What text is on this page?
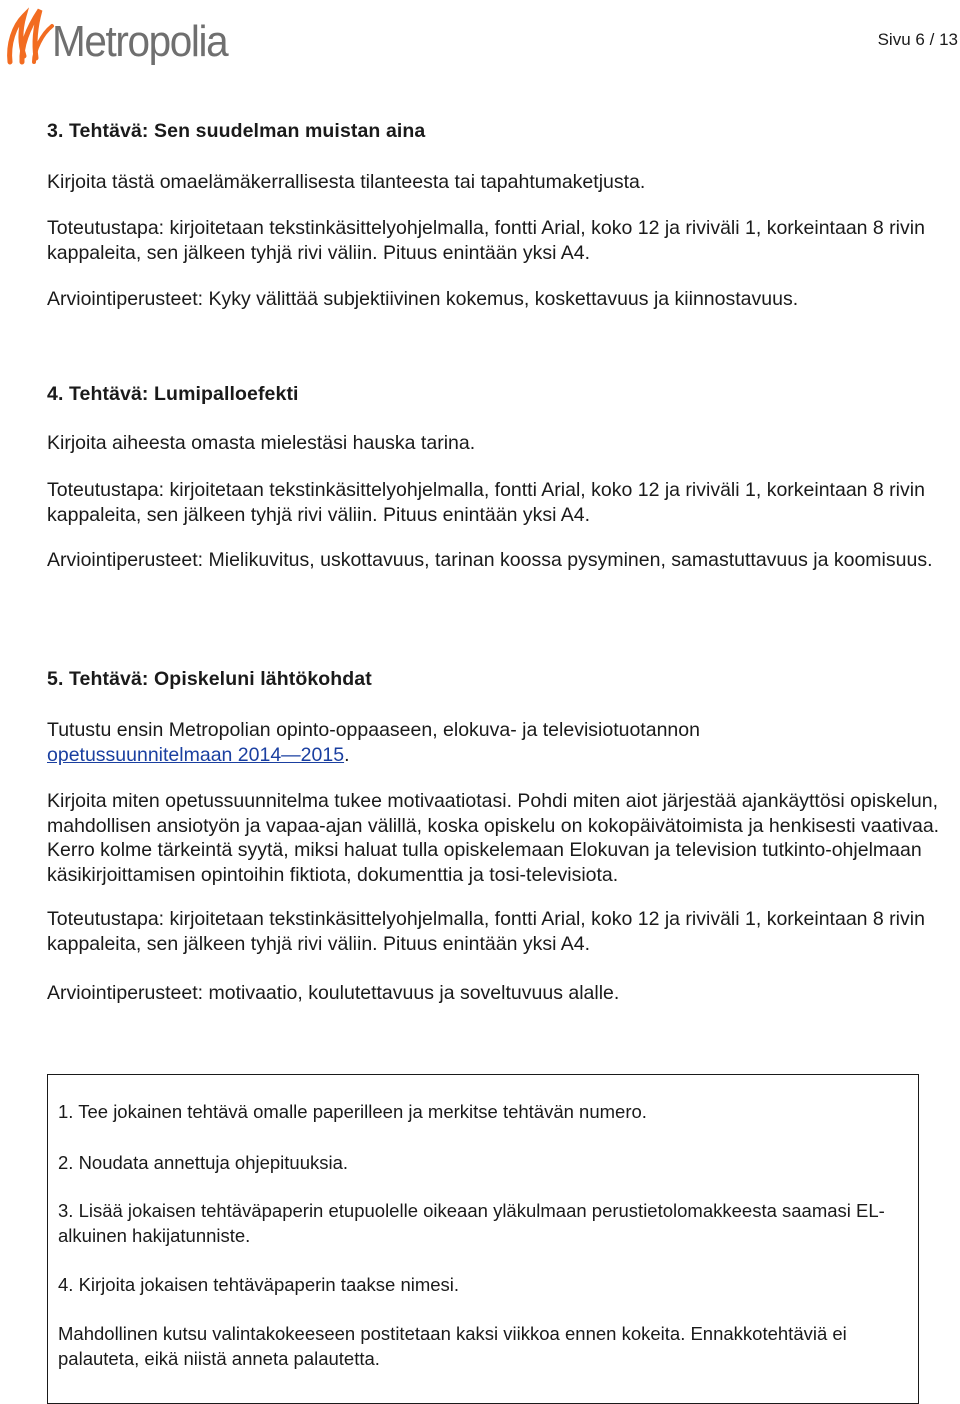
Metropolia	Sivu 6 / 13
3. Tehtävä: Sen suudelman muistan aina

Kirjoita tästä omaelämäkerrallisesta tilanteesta tai tapahtumaketjusta.

Toteutustapa: kirjoitetaan tekstinkäsittelyohjelmalla, fontti Arial, koko 12 ja riviväli 1, korkeintaan 8 rivin kappaleita, sen jälkeen tyhjä rivi väliin. Pituus enintään yksi A4.

Arviointiperusteet: Kyky välittää subjektiivinen kokemus, koskettavuus ja kiinnostavuus.

4. Tehtävä: Lumipalloefekti

Kirjoita aiheesta omasta mielestäsi hauska tarina.

Toteutustapa: kirjoitetaan tekstinkäsittelyohjelmalla, fontti Arial, koko 12 ja riviväli 1, korkeintaan 8 rivin kappaleita, sen jälkeen tyhjä rivi väliin. Pituus enintään yksi A4.

Arviointiperusteet: Mielikuvitus, uskottavuus, tarinan koossa pysyminen, samastuttavuus ja koomisuus.

5. Tehtävä: Opiskeluni lähtökohdat

Tutustu ensin Metropolian opinto-oppaaseen, elokuva- ja televisiotuotannon
opetussuunnitelmaan 2014—2015.

Kirjoita miten opetussuunnitelma tukee motivaatiotasi. Pohdi miten aiot järjestää ajankäyttösi opiskelun, mahdollisen ansiotyön ja vapaa-ajan välillä, koska opiskelu on kokopäivätoimista ja henkisesti vaativaa. Kerro kolme tärkeintä syytä, miksi haluat tulla opiskelemaan Elokuvan ja television tutkinto-ohjelmaan käsikirjoittamisen opintoihin fiktiota, dokumenttia ja tosi-televisiota.

Toteutustapa: kirjoitetaan tekstinkäsittelyohjelmalla, fontti Arial, koko 12 ja riviväli 1, korkeintaan 8 rivin kappaleita, sen jälkeen tyhjä rivi väliin. Pituus enintään yksi A4.

Arviointiperusteet: motivaatio, koulutettavuus ja soveltuvuus alalle.

1. Tee jokainen tehtävä omalle paperilleen ja merkitse tehtävän numero.

2. Noudata annettuja ohjepituuksia.

3. Lisää jokaisen tehtäväpaperin etupuolelle oikeaan yläkulmaan perustietolomakkeesta saamasi EL-alkuinen hakijatunniste.

4. Kirjoita jokaisen tehtäväpaperin taakse nimesi.

Mahdollinen kutsu valintakokeeseen postitetaan kaksi viikkoa ennen kokeita. Ennakkotehtäviä ei palauteta, eikä niistä anneta palautetta.
